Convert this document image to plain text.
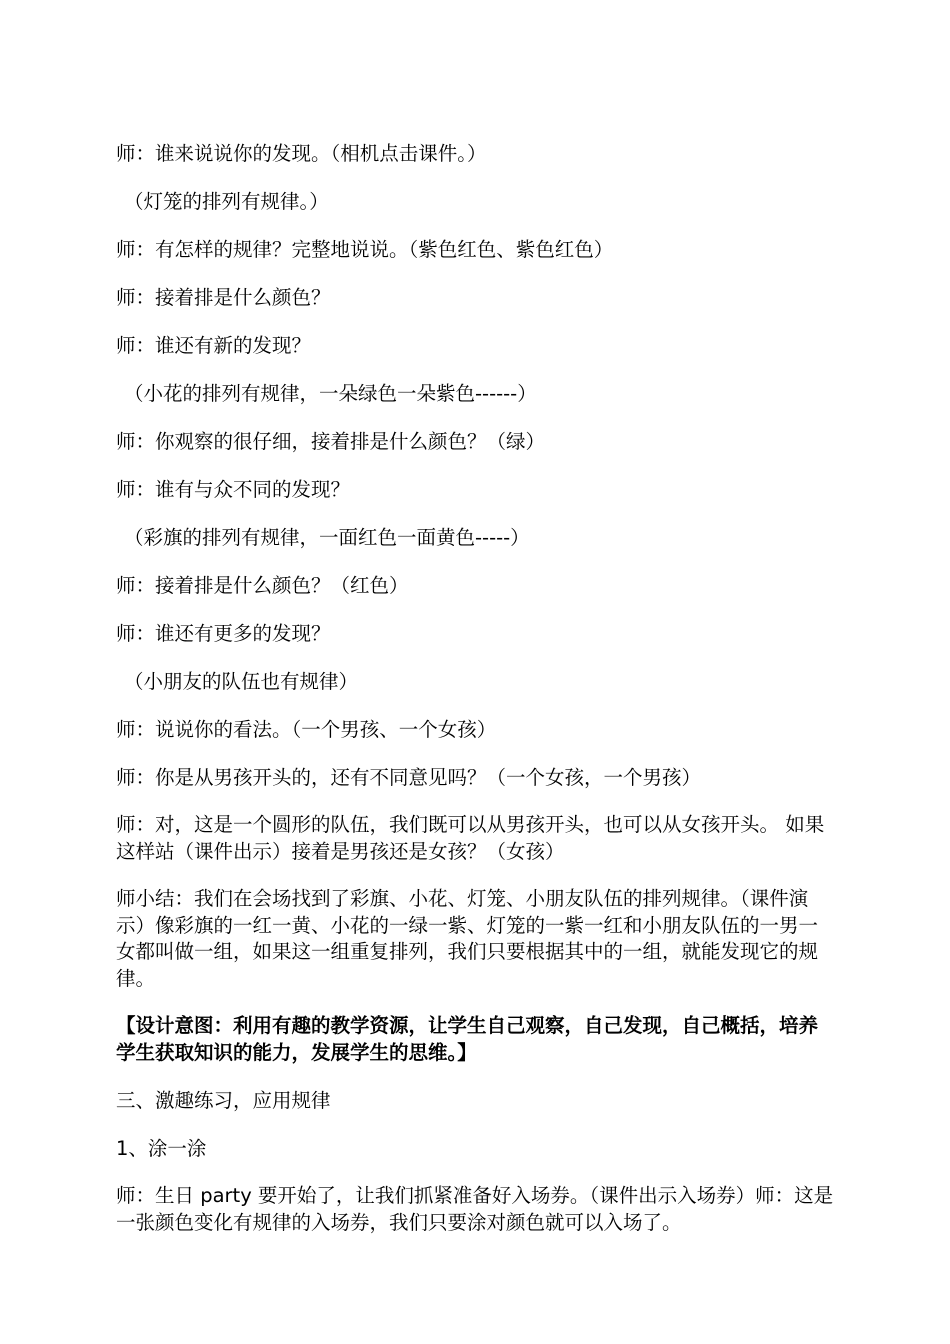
师：谁来说说你的发现。（相机点击课件。）

（灯笼的排列有规律。）

师：有怎样的规律？完整地说说。（紫色红色、紫色红色）

师：接着排是什么颜色？

师：谁还有新的发现？

（小花的排列有规律，一朵绿色一朵紫色------）

师：你观察的很仔细，接着排是什么颜色？（绿）

师：谁有与众不同的发现？

（彩旗的排列有规律，一面红色一面黄色-----）

师：接着排是什么颜色？（红色）

师：谁还有更多的发现？

（小朋友的队伍也有规律）

师：说说你的看法。（一个男孩、一个女孩）

师：你是从男孩开头的，还有不同意见吗？（一个女孩，一个男孩）

师：对，这是一个圆形的队伍，我们既可以从男孩开头，也可以从女孩开头。 如果这样站（课件出示）接着是男孩还是女孩？（女孩）

师小结：我们在会场找到了彩旗、小花、灯笼、小朋友队伍的排列规律。（课件演示）像彩旗的一红一黄、小花的一绿一紫、灯笼的一紫一红和小朋友队伍的一男一女都叫做一组，如果这一组重复排列，我们只要根据其中的一组，就能发现它的规律。

【设计意图：利用有趣的教学资源，让学生自己观察，自己发现，自己概括，培养学生获取知识的能力，发展学生的思维。】

三、激趣练习，应用规律

1、涂一涂

师：生日 party 要开始了，让我们抓紧准备好入场券。（课件出示入场券）师：这是一张颜色变化有规律的入场券，我们只要涂对颜色就可以入场了。
